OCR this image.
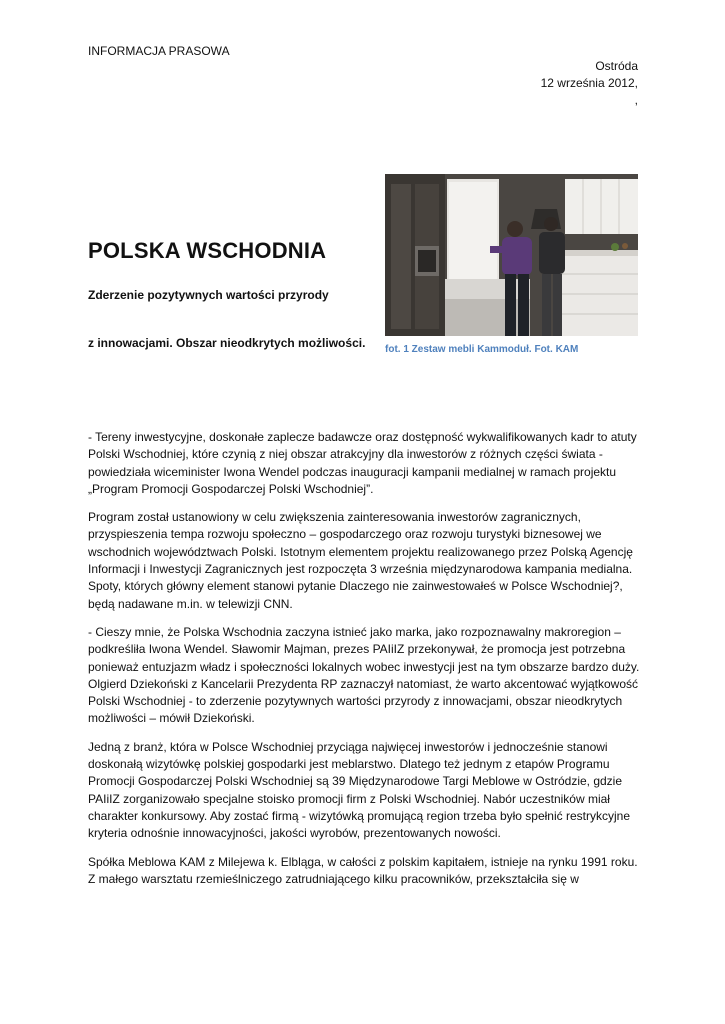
INFORMACJA PRASOWA
Ostróda
12 września 2012,
,
fot. 1 Zestaw mebli Kammoduł. Fot. KAM
POLSKA WSCHODNIA
Zderzenie pozytywnych wartości przyrody
z innowacjami. Obszar nieodkrytych możliwości.

- Tereny inwestycyjne, doskonałe zaplecze badawcze oraz dostępność wykwalifikowanych kadr to atuty Polski Wschodniej, które czynią z niej obszar atrakcyjny dla inwestorów z różnych części świata - powiedziała wiceminister Iwona Wendel podczas inauguracji kampanii medialnej w ramach projektu „Program Promocji Gospodarczej Polski Wschodniej”.

Program został ustanowiony w celu zwiększenia zainteresowania inwestorów zagranicznych, przyspieszenia tempa rozwoju społeczno – gospodarczego oraz rozwoju turystyki biznesowej we wschodnich województwach Polski. Istotnym elementem projektu realizowanego przez Polską Agencję Informacji i Inwestycji Zagranicznych jest rozpoczęta 3 września międzynarodowa kampania medialna. Spoty, których główny element stanowi pytanie Dlaczego nie zainwestowałeś w Polsce Wschodniej?, będą nadawane m.in. w telewizji CNN.

- Cieszy mnie, że Polska Wschodnia zaczyna istnieć jako marka, jako rozpoznawalny makroregion – podkreśliła Iwona Wendel. Sławomir Majman, prezes PAIiIZ przekonywał, że promocja jest potrzebna ponieważ entuzjazm władz i społeczności lokalnych wobec inwestycji jest na tym obszarze bardzo duży. Olgierd Dziekoński z Kancelarii Prezydenta RP zaznaczył natomiast, że warto akcentować wyjątkowość Polski Wschodniej - to zderzenie pozytywnych wartości przyrody z innowacjami, obszar nieodkrytych możliwości – mówił Dziekoński.

Jedną z branż, która w Polsce Wschodniej przyciąga najwięcej inwestorów i jednocześnie stanowi doskonałą wizytówkę polskiej gospodarki jest meblarstwo. Dlatego też jednym z etapów Programu Promocji Gospodarczej Polski Wschodniej są 39 Międzynarodowe Targi Meblowe w Ostródzie, gdzie PAIiIZ zorganizowało specjalne stoisko promocji firm z Polski Wschodniej. Nabór uczestników miał charakter konkursowy. Aby zostać firmą - wizytówką promującą region trzeba było spełnić restrykcyjne kryteria odnośnie innowacyjności, jakości wyrobów, prezentowanych nowości.

Spółka Meblowa KAM z Milejewa k. Elbląga, w całości z polskim kapitałem, istnieje na rynku 1991 roku. Z małego warsztatu rzemieślniczego zatrudniającego kilku pracowników, przekształciła się w
